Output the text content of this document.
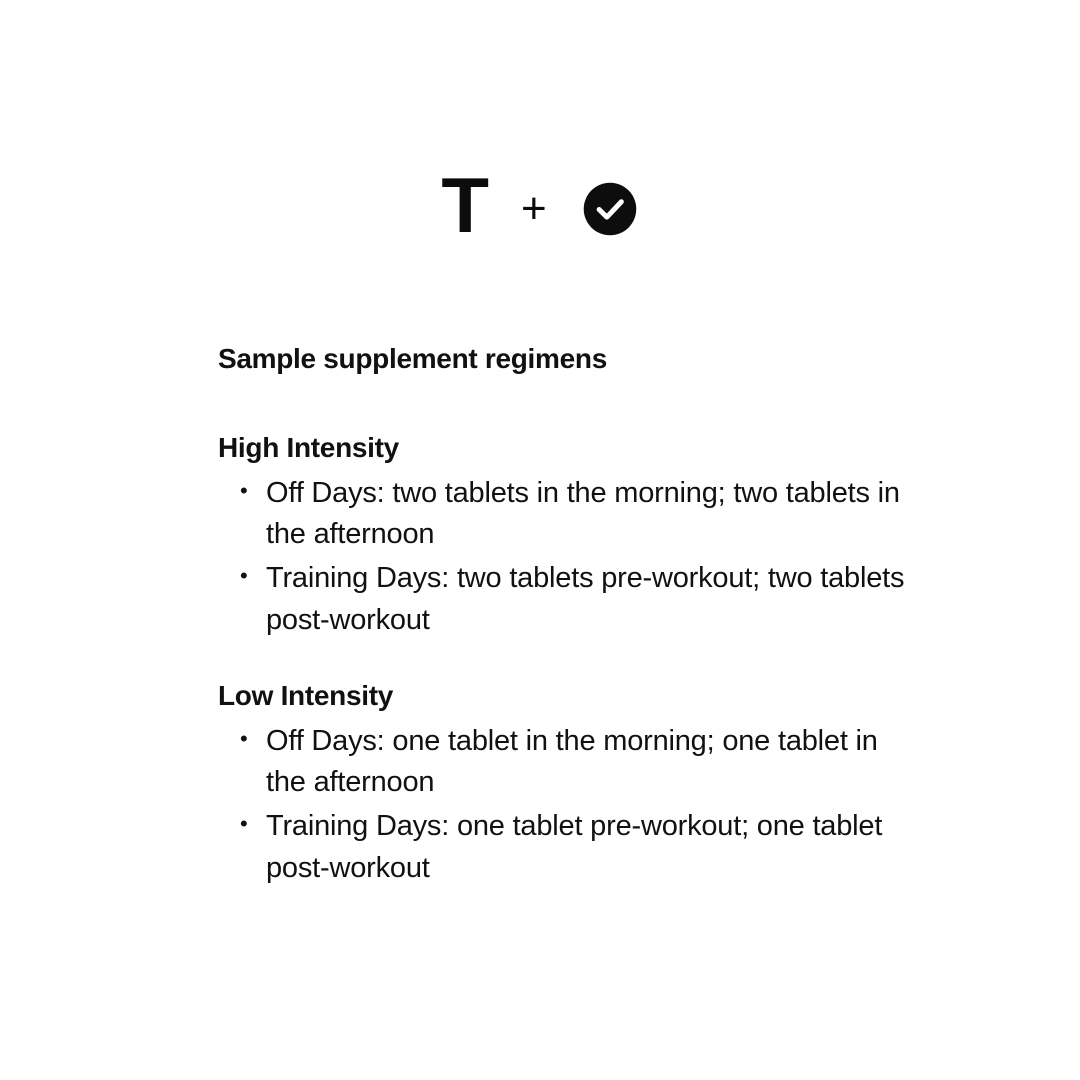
T +
Sample supplement regimens
High Intensity
• Off Days: two tablets in the morning; two tablets in the afternoon
• Training Days: two tablets pre-workout; two tablets post-workout
Low Intensity
• Off Days: one tablet in the morning; one tablet in the afternoon
• Training Days: one tablet pre-workout; one tablet post-workout
